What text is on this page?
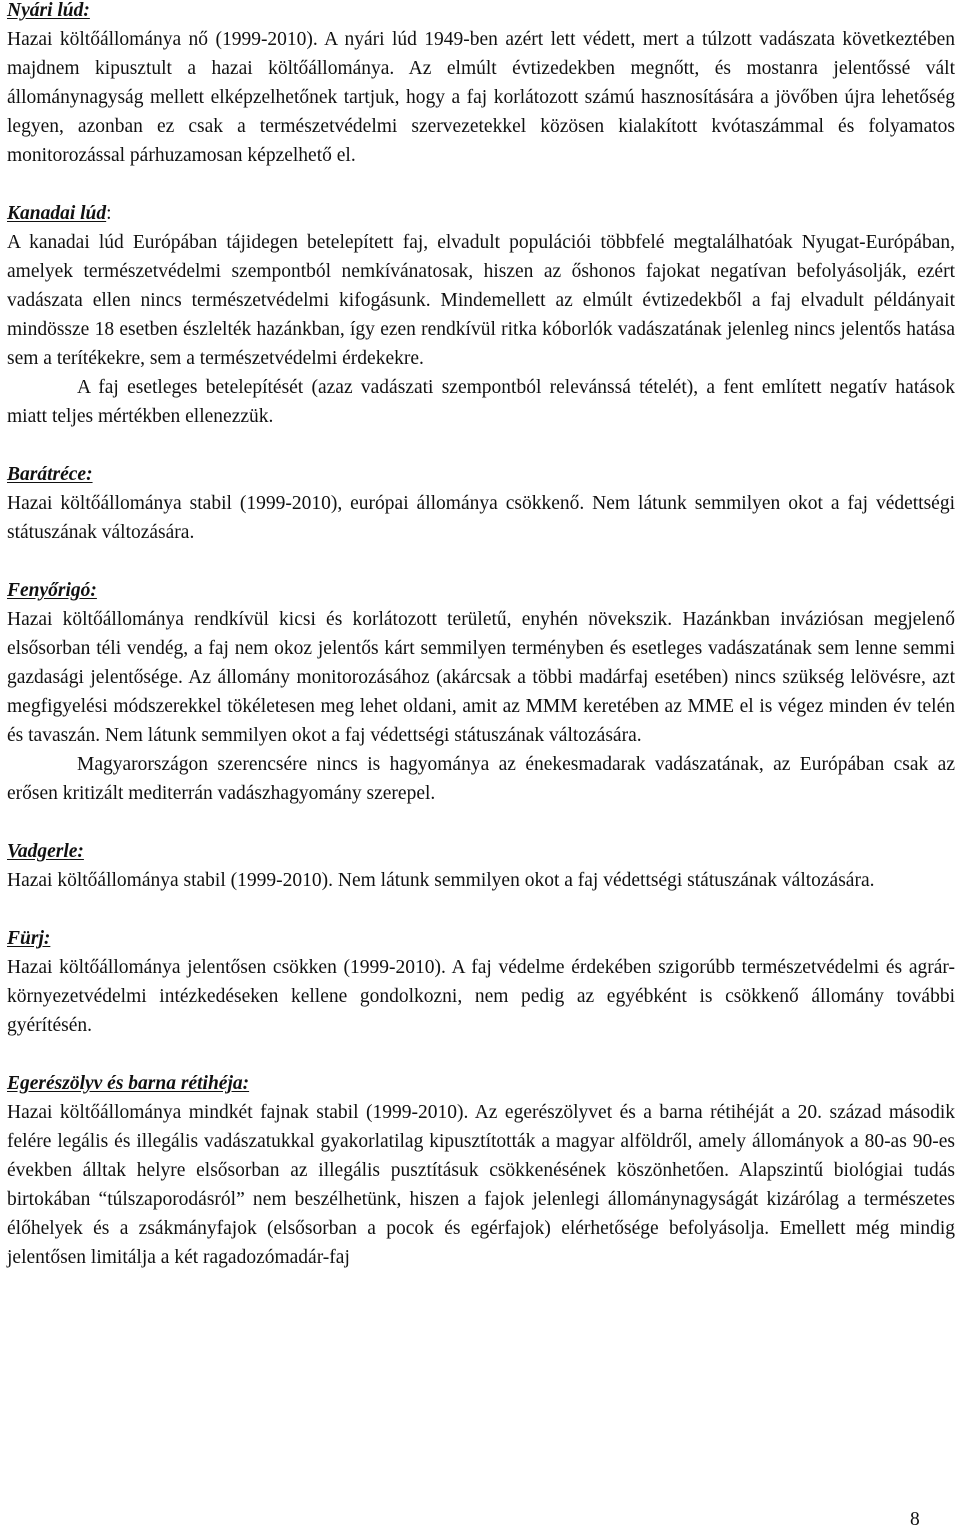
Nyári lúd:

Hazai költőállománya nő (1999-2010). A nyári lúd 1949-ben azért lett védett, mert a túlzott vadászata következtében majdnem kipusztult a hazai költőállománya. Az elmúlt évtizedekben megnőtt, és mostanra jelentőssé vált állománynagyság mellett elképzelhetőnek tartjuk, hogy a faj korlátozott számú hasznosítására a jövőben újra lehetőség legyen, azonban ez csak a természetvédelmi szervezetekkel közösen kialakított kvótaszámmal és folyamatos monitorozással párhuzamosan képzelhető el.

Kanadai lúd:

A kanadai lúd Európában tájidegen betelepített faj, elvadult populációi többfelé megtalálhatóak Nyugat-Európában, amelyek természetvédelmi szempontból nemkívánatosak, hiszen az őshonos fajokat negatívan befolyásolják, ezért vadászata ellen nincs természetvédelmi kifogásunk. Mindemellett az elmúlt évtizedekből a faj elvadult példányait mindössze 18 esetben észlelték hazánkban, így ezen rendkívül ritka kóborlók vadászatának jelenleg nincs jelentős hatása sem a terítékekre, sem a természetvédelmi érdekekre.

A faj esetleges betelepítését (azaz vadászati szempontból relevánssá tételét), a fent említett negatív hatások miatt teljes mértékben ellenezzük.

Barátréce:

Hazai költőállománya stabil (1999-2010), európai állománya csökkenő. Nem látunk semmilyen okot a faj védettségi státuszának változására.

Fenyőrigó:

Hazai költőállománya rendkívül kicsi és korlátozott területű, enyhén növekszik. Hazánkban inváziósan megjelenő elsősorban téli vendég, a faj nem okoz jelentős kárt semmilyen terményben és esetleges vadászatának sem lenne semmi gazdasági jelentősége. Az állomány monitorozásához (akárcsak a többi madárfaj esetében) nincs szükség lelövésre, azt megfigyelési módszerekkel tökéletesen meg lehet oldani, amit az MMM keretében az MME el is végez minden év telén és tavaszán. Nem látunk semmilyen okot a faj védettségi státuszának változására.

Magyarországon szerencsére nincs is hagyománya az énekesmadarak vadászatának, az Európában csak az erősen kritizált mediterrán vadászhagyomány szerepel.

Vadgerle:

Hazai költőállománya stabil (1999-2010). Nem látunk semmilyen okot a faj védettségi státuszának változására.

Fürj:

Hazai költőállománya jelentősen csökken (1999-2010). A faj védelme érdekében szigorúbb természetvédelmi és agrár-környezetvédelmi intézkedéseken kellene gondolkozni, nem pedig az egyébként is csökkenő állomány további gyérítésén.

Egerészölyv és barna rétihéja:

Hazai költőállománya mindkét fajnak stabil (1999-2010). Az egerészölyvet és a barna rétihéját a 20. század második felére legális és illegális vadászatukkal gyakorlatilag kipusztították a magyar alföldről, amely állományok a 80-as 90-es években álltak helyre elsősorban az illegális pusztításuk csökkenésének köszönhetően. Alapszintű biológiai tudás birtokában “túlszaporodásról” nem beszélhetünk, hiszen a fajok jelenlegi állománynagyságát kizárólag a természetes élőhelyek és a zsákmányfajok (elsősorban a pocok és egérfajok) elérhetősége befolyásolja. Emellett még mindig jelentősen limitálja a két ragadozómadár-faj

8
